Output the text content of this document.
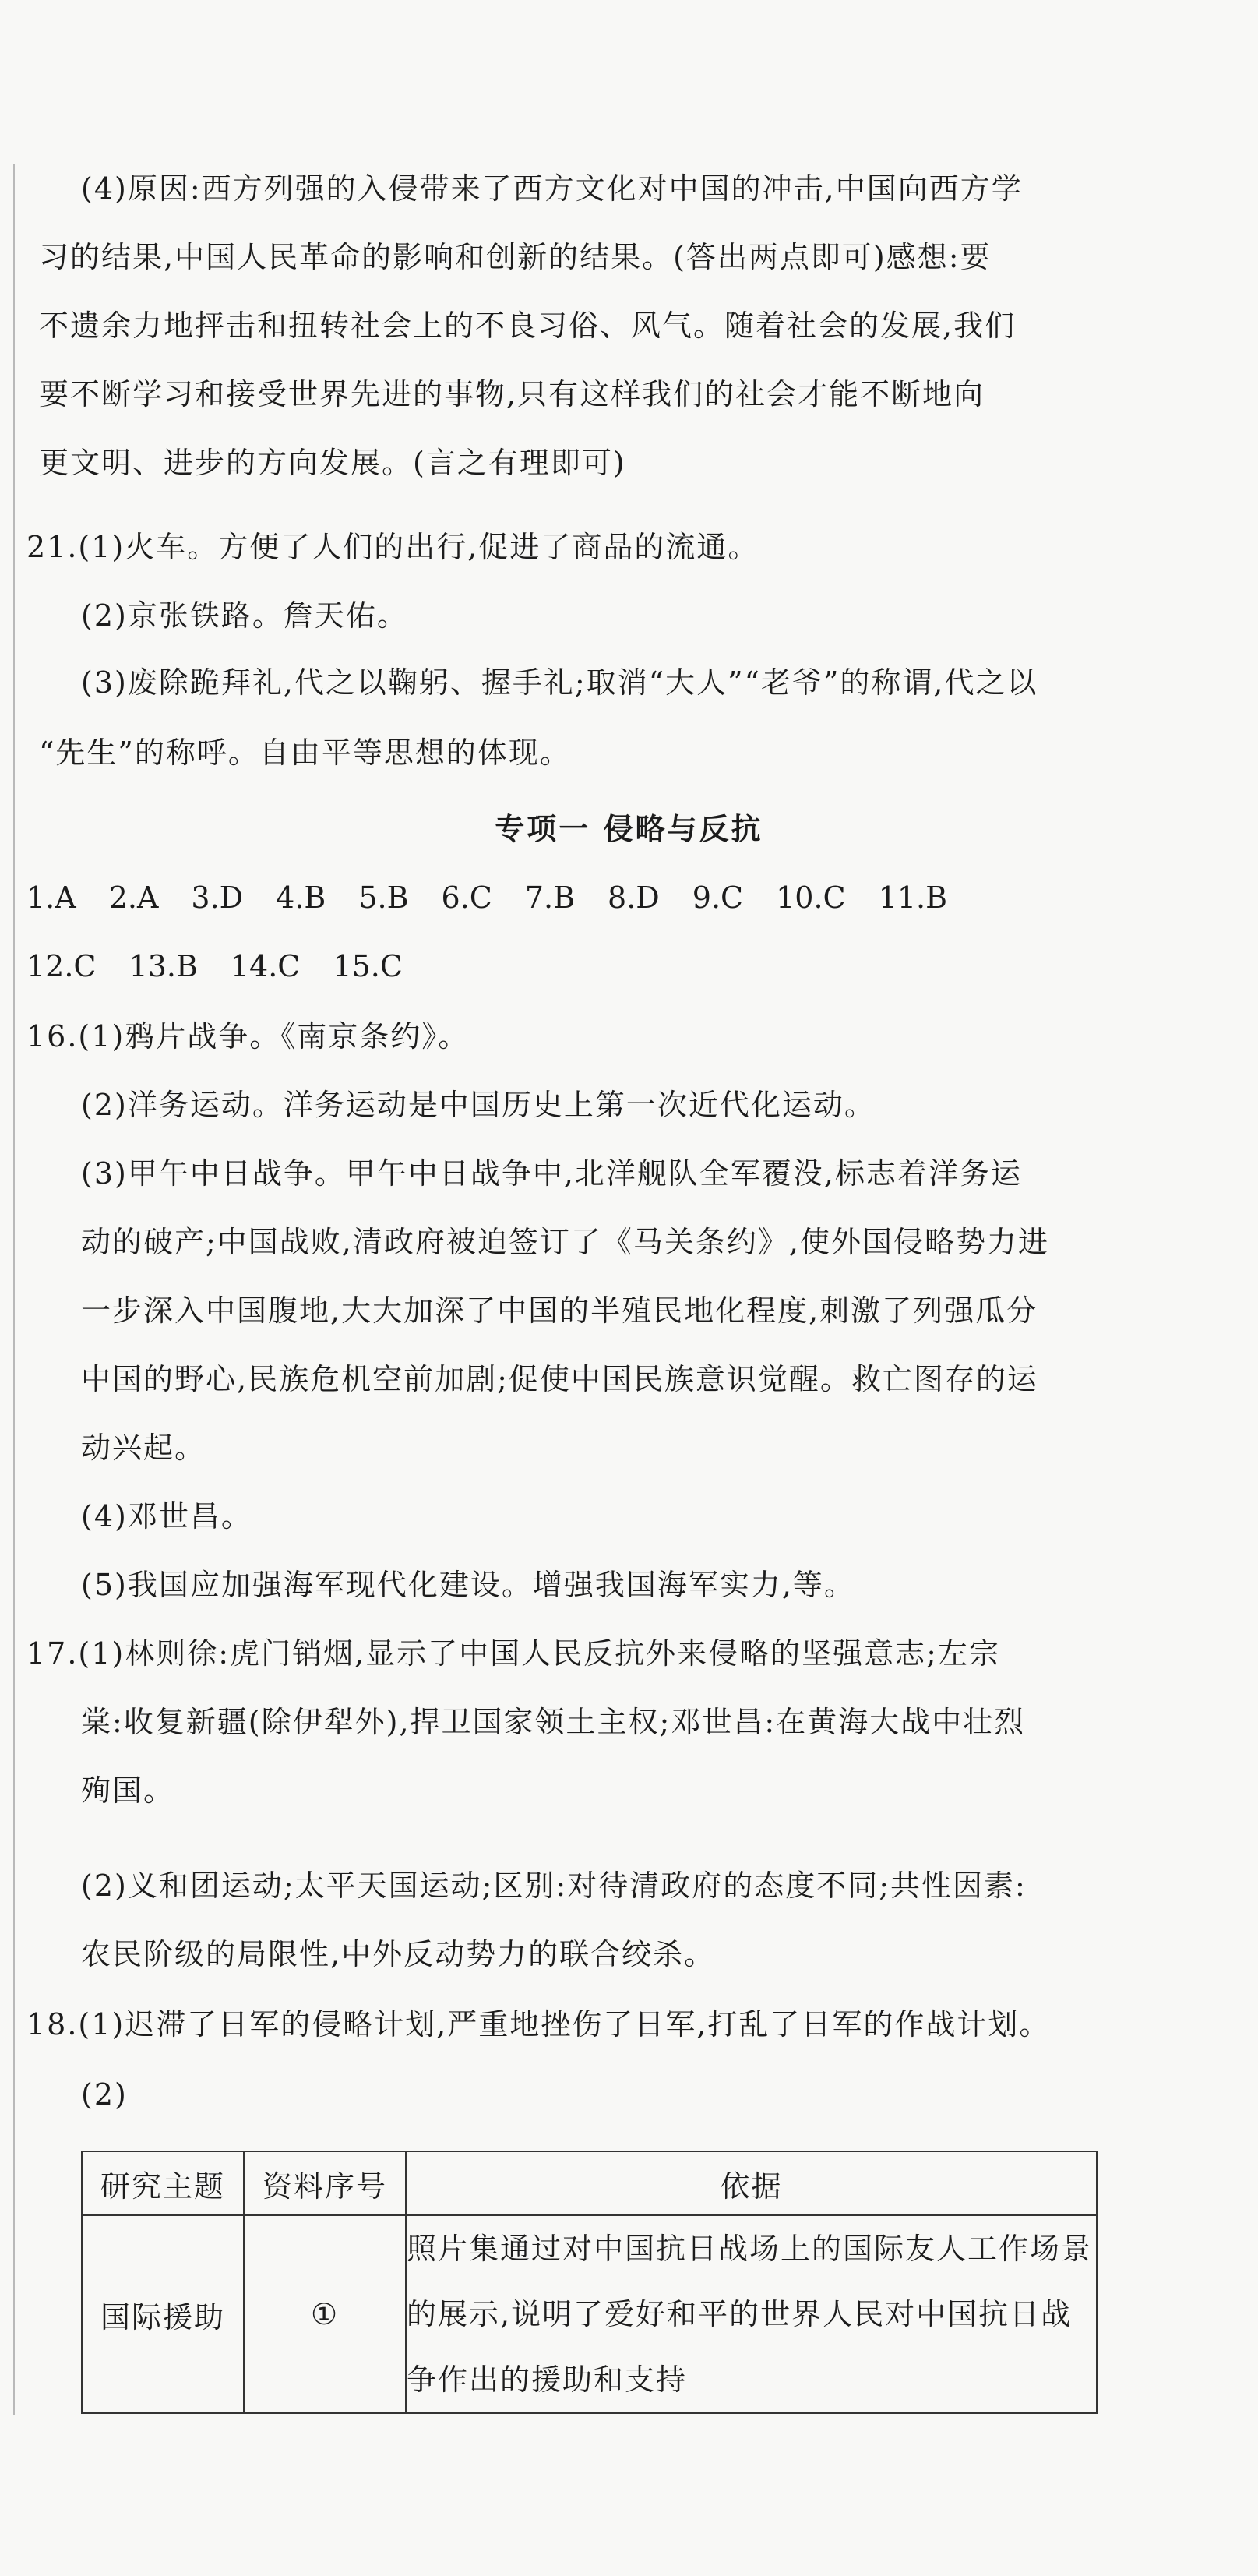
(4)原因:西方列强的入侵带来了西方文化对中国的冲击,中国向西方学
习的结果,中国人民革命的影响和创新的结果。(答出两点即可)感想:要
不遗余力地抨击和扭转社会上的不良习俗、风气。随着社会的发展,我们
要不断学习和接受世界先进的事物,只有这样我们的社会才能不断地向
更文明、进步的方向发展。(言之有理即可)
21.(1)火车。方便了人们的出行,促进了商品的流通。
(2)京张铁路。詹天佑。
(3)废除跪拜礼,代之以鞠躬、握手礼;取消“大人”“老爷”的称谓,代之以
“先生”的称呼。自由平等思想的体现。
专项一 侵略与反抗
1.A 2.A 3.D 4.B 5.B 6.C 7.B 8.D 9.C 10.C 11.B
12.C 13.B 14.C 15.C
16.(1)鸦片战争。《南京条约》。
(2)洋务运动。洋务运动是中国历史上第一次近代化运动。
(3)甲午中日战争。甲午中日战争中,北洋舰队全军覆没,标志着洋务运
动的破产;中国战败,清政府被迫签订了《马关条约》,使外国侵略势力进
一步深入中国腹地,大大加深了中国的半殖民地化程度,刺激了列强瓜分
中国的野心,民族危机空前加剧;促使中国民族意识觉醒。救亡图存的运
动兴起。
(4)邓世昌。
(5)我国应加强海军现代化建设。增强我国海军实力,等。
17.(1)林则徐:虎门销烟,显示了中国人民反抗外来侵略的坚强意志;左宗
棠:收复新疆(除伊犁外),捍卫国家领土主权;邓世昌:在黄海大战中壮烈
殉国。
(2)义和团运动;太平天国运动;区别:对待清政府的态度不同;共性因素:
农民阶级的局限性,中外反动势力的联合绞杀。
18.(1)迟滞了日军的侵略计划,严重地挫伤了日军,打乱了日军的作战计划。
(2)
研究主题	资料序号	依据
国际援助	①	照片集通过对中国抗日战场上的国际友人工作场景的展示,说明了爱好和平的世界人民对中国抗日战争作出的援助和支持
